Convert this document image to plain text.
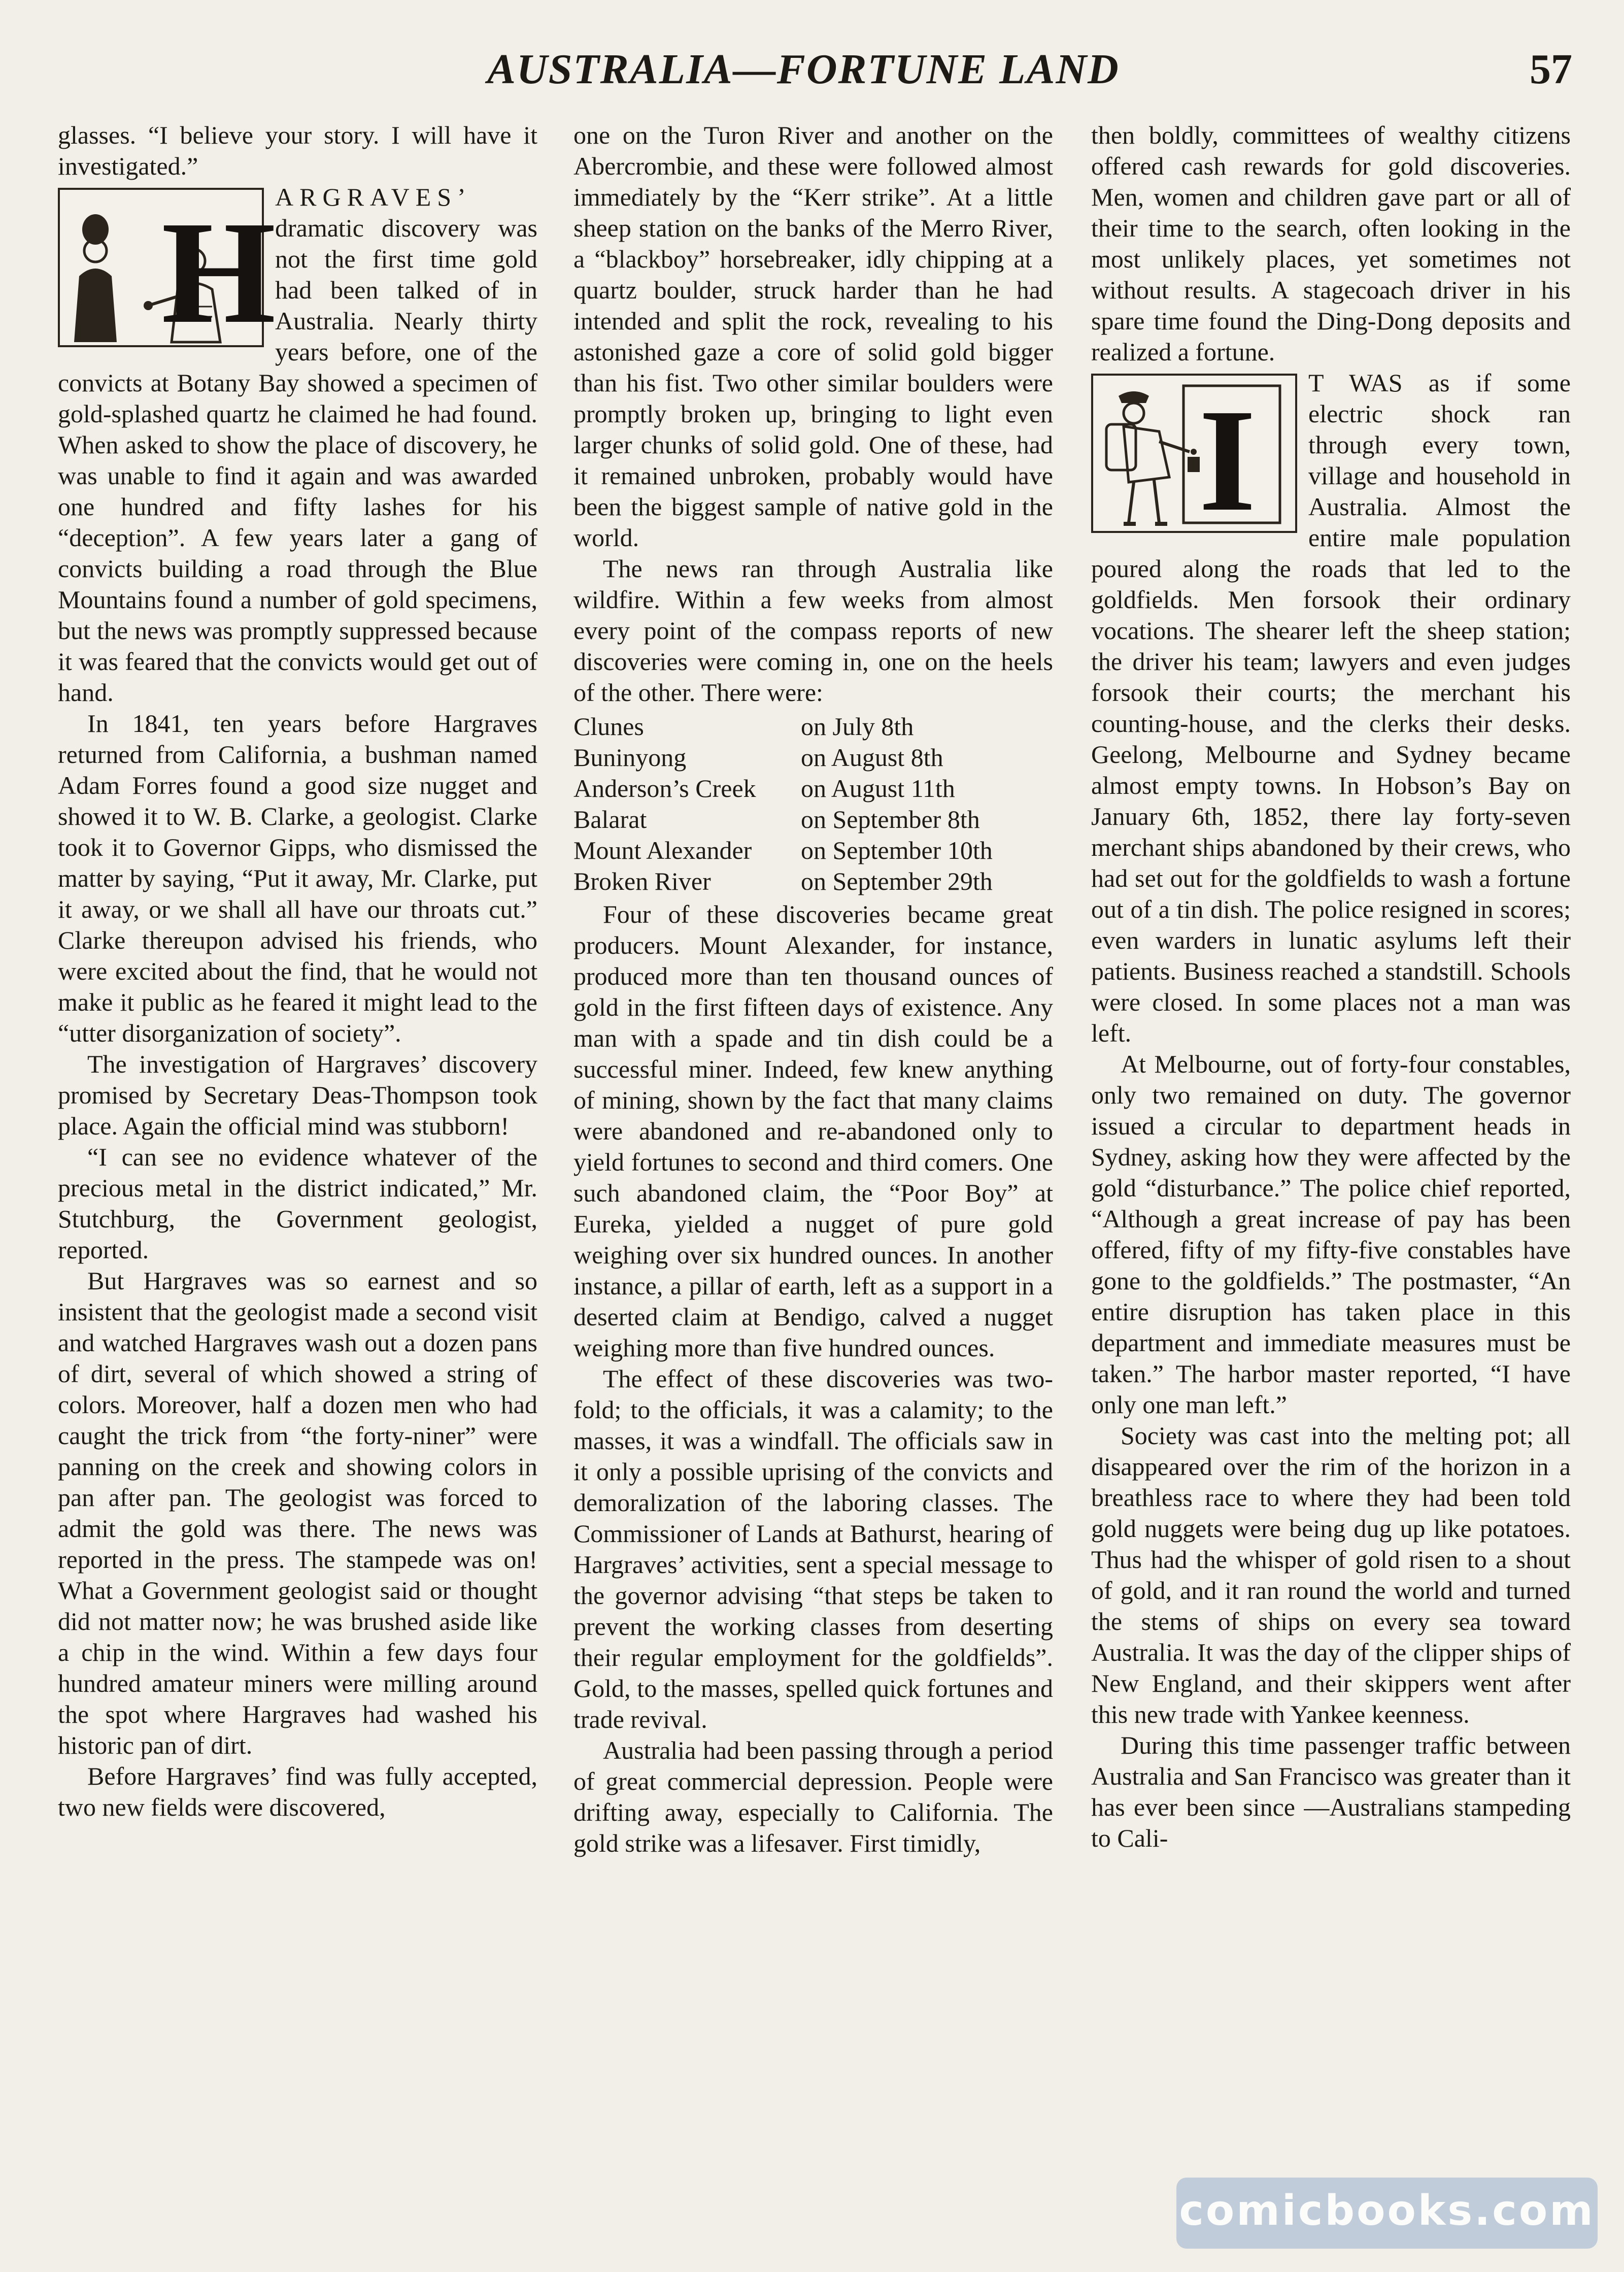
AUSTRALIA—FORTUNE LAND	57

glasses. “I believe your story. I will have it investigated.”

H

ARGRAVES’ dramatic discovery was not the first time gold had been talked of in Australia. Nearly thirty years before, one of the convicts at Botany Bay showed a specimen of gold-splashed quartz he claimed he had found. When asked to show the place of discovery, he was unable to find it again and was awarded one hundred and fifty lashes for his “deception”. A few years later a gang of convicts building a road through the Blue Mountains found a number of gold specimens, but the news was promptly suppressed because it was feared that the convicts would get out of hand.

In 1841, ten years before Hargraves returned from California, a bushman named Adam Forres found a good size nugget and showed it to W. B. Clarke, a geologist. Clarke took it to Governor Gipps, who dismissed the matter by saying, “Put it away, Mr. Clarke, put it away, or we shall all have our throats cut.” Clarke thereupon advised his friends, who were excited about the find, that he would not make it public as he feared it might lead to the “utter disorganization of society”.

The investigation of Hargraves’ discovery promised by Secretary Deas-Thompson took place. Again the official mind was stubborn!

“I can see no evidence whatever of the precious metal in the district indicated,” Mr. Stutchburg, the Government geologist, reported.

But Hargraves was so earnest and so insistent that the geologist made a second visit and watched Hargraves wash out a dozen pans of dirt, several of which showed a string of colors. Moreover, half a dozen men who had caught the trick from “the forty-niner” were panning on the creek and showing colors in pan after pan. The geologist was forced to admit the gold was there. The news was reported in the press. The stampede was on! What a Government geologist said or thought did not matter now; he was brushed aside like a chip in the wind. Within a few days four hundred amateur miners were milling around the spot where Hargraves had washed his historic pan of dirt.

Before Hargraves’ find was fully accepted, two new fields were discovered,

one on the Turon River and another on the Abercrombie, and these were followed almost immediately by the “Kerr strike”. At a little sheep station on the banks of the Merro River, a “blackboy” horsebreaker, idly chipping at a quartz boulder, struck harder than he had intended and split the rock, revealing to his astonished gaze a core of solid gold bigger than his fist. Two other similar boulders were promptly broken up, bringing to light even larger chunks of solid gold. One of these, had it remained unbroken, probably would have been the biggest sample of native gold in the world.

The news ran through Australia like wildfire. Within a few weeks from almost every point of the compass reports of new discoveries were coming in, one on the heels of the other. There were:

Clunes	on July 8th
Buninyong	on August 8th
Anderson’s Creek	on August 11th
Balarat	on September 8th
Mount Alexander	on September 10th
Broken River	on September 29th

Four of these discoveries became great producers. Mount Alexander, for instance, produced more than ten thousand ounces of gold in the first fifteen days of existence. Any man with a spade and tin dish could be a successful miner. Indeed, few knew anything of mining, shown by the fact that many claims were abandoned and re-abandoned only to yield fortunes to second and third comers. One such abandoned claim, the “Poor Boy” at Eureka, yielded a nugget of pure gold weighing over six hundred ounces. In another instance, a pillar of earth, left as a support in a deserted claim at Bendigo, calved a nugget weighing more than five hundred ounces.

The effect of these discoveries was two-fold; to the officials, it was a calamity; to the masses, it was a windfall. The officials saw in it only a possible uprising of the convicts and demoralization of the laboring classes. The Commissioner of Lands at Bathurst, hearing of Hargraves’ activities, sent a special message to the governor advising “that steps be taken to prevent the working classes from deserting their regular employment for the goldfields”. Gold, to the masses, spelled quick fortunes and trade revival.

Australia had been passing through a period of great commercial depression. People were drifting away, especially to California. The gold strike was a lifesaver. First timidly,

then boldly, committees of wealthy citizens offered cash rewards for gold discoveries. Men, women and children gave part or all of their time to the search, often looking in the most unlikely places, yet sometimes not without results. A stagecoach driver in his spare time found the Ding-Dong deposits and realized a fortune.

I	T WAS as if some electric shock ran through every town, village and household in Australia. Almost the entire male population poured along the roads that led to the goldfields. Men forsook their ordinary vocations. The shearer left the sheep station; the driver his team; lawyers and even judges forsook their courts; the merchant his counting-house, and the clerks their desks. Geelong, Melbourne and Sydney became almost empty towns. In Hobson’s Bay on January 6th, 1852, there lay forty-seven merchant ships abandoned by their crews, who had set out for the goldfields to wash a fortune out of a tin dish. The police resigned in scores; even warders in lunatic asylums left their patients. Business reached a standstill. Schools were closed. In some places not a man was left.

At Melbourne, out of forty-four constables, only two remained on duty. The governor issued a circular to department heads in Sydney, asking how they were affected by the gold “disturbance.” The police chief reported, “Although a great increase of pay has been offered, fifty of my fifty-five constables have gone to the goldfields.” The postmaster, “An entire disruption has taken place in this department and immediate measures must be taken.” The harbor master reported, “I have only one man left.”

Society was cast into the melting pot; all disappeared over the rim of the horizon in a breathless race to where they had been told gold nuggets were being dug up like potatoes. Thus had the whisper of gold risen to a shout of gold, and it ran round the world and turned the stems of ships on every sea toward Australia. It was the day of the clipper ships of New England, and their skippers went after this new trade with Yankee keenness.

During this time passenger traffic between Australia and San Francisco was greater than it has ever been since —Australians stampeding to Cali-

comicbooks.com
